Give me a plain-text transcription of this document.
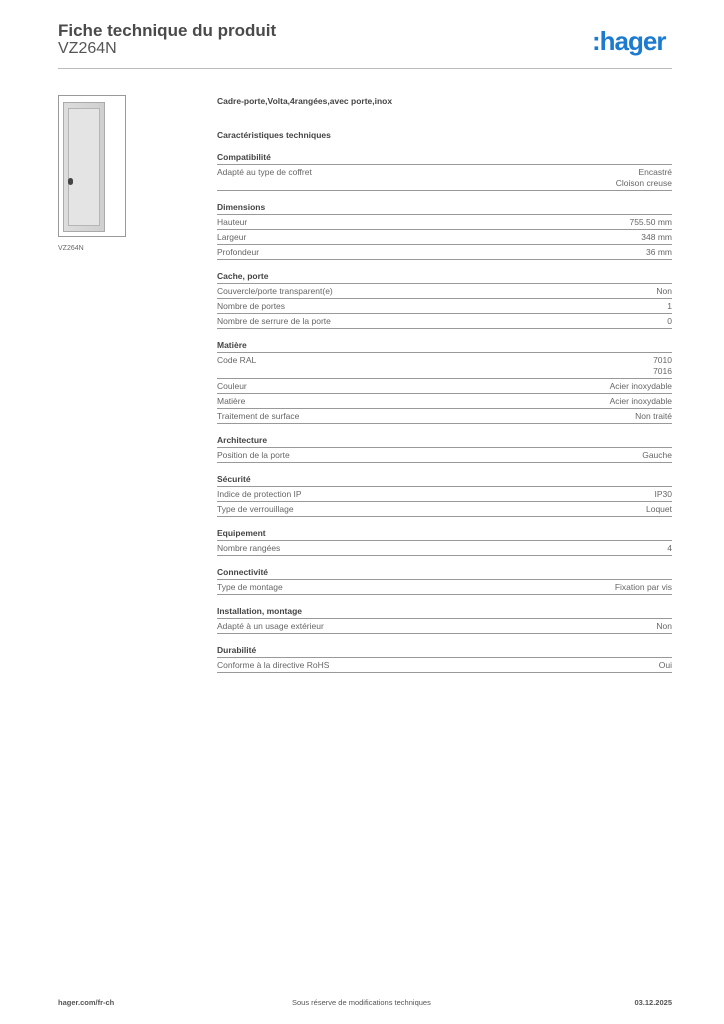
Fiche technique du produit
VZ264N	:hager
VZ264N
Cadre-porte,Volta,4rangées,avec porte,inox
Caractéristiques techniques
Compatibilité
Adapté au type de coffret	Encastré
Cloison creuse
Dimensions
Hauteur	755.50 mm
Largeur	348 mm
Profondeur	36 mm
Cache, porte
Couvercle/porte transparent(e)	Non
Nombre de portes	1
Nombre de serrure de la porte	0
Matière
Code RAL	7010
7016
Couleur	Acier inoxydable
Matière	Acier inoxydable
Traitement de surface	Non traité
Architecture
Position de la porte	Gauche
Sécurité
Indice de protection IP	IP30
Type de verrouillage	Loquet
Equipement
Nombre rangées	4
Connectivité
Type de montage	Fixation par vis
Installation, montage
Adapté à un usage extérieur	Non
Durabilité
Conforme à la directive RoHS	Oui
hager.com/fr-ch	Sous réserve de modifications techniques	03.12.2025
